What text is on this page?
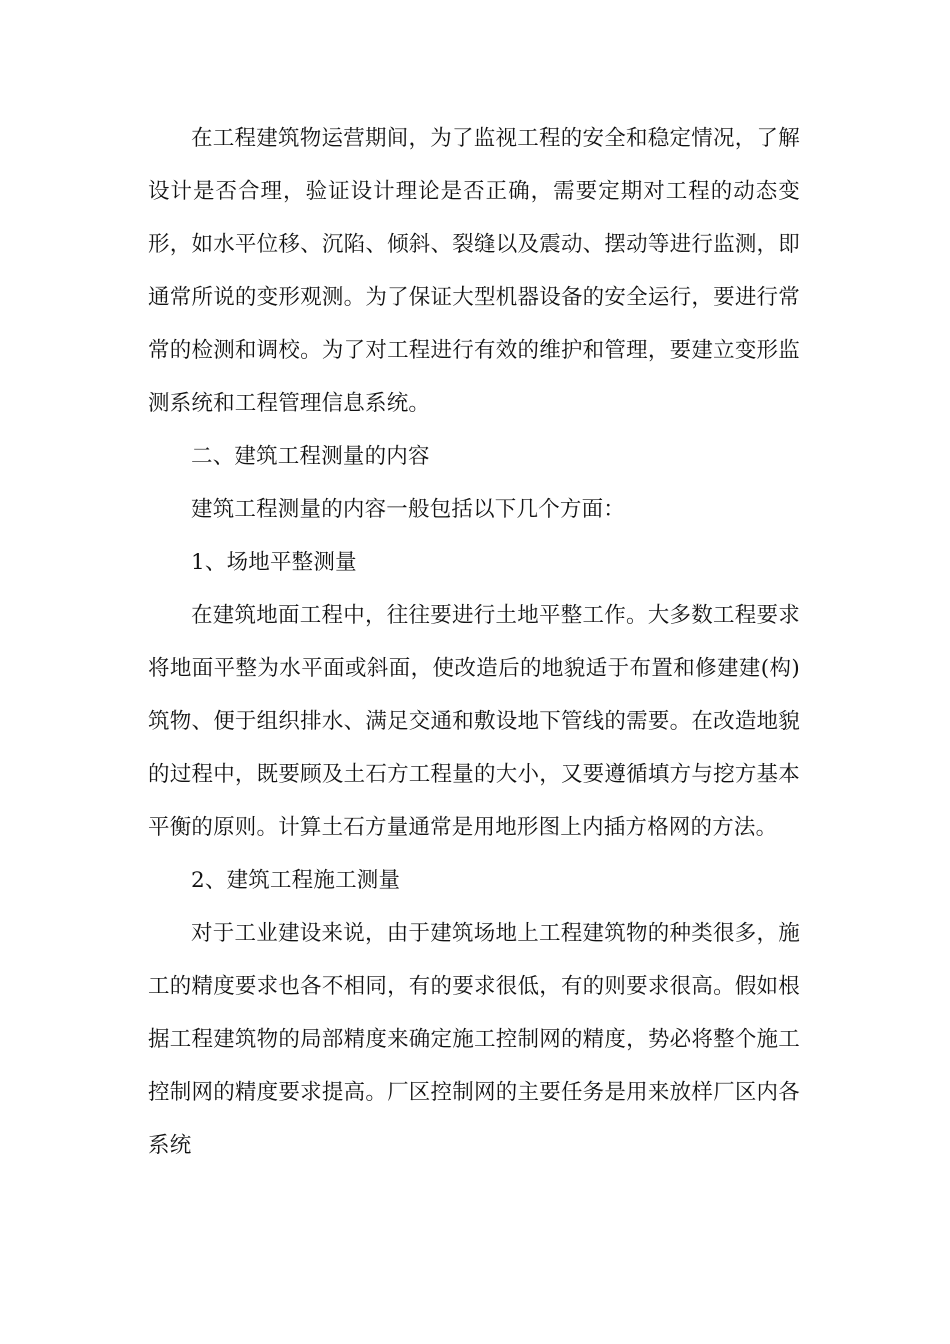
在工程建筑物运营期间，为了监视工程的安全和稳定情况，了解设计是否合理，验证设计理论是否正确，需要定期对工程的动态变形，如水平位移、沉陷、倾斜、裂缝以及震动、摆动等进行监测，即通常所说的变形观测。为了保证大型机器设备的安全运行，要进行常常的检测和调校。为了对工程进行有效的维护和管理，要建立变形监测系统和工程管理信息系统。

二、建筑工程测量的内容

建筑工程测量的内容一般包括以下几个方面：

1、场地平整测量

在建筑地面工程中，往往要进行土地平整工作。大多数工程要求将地面平整为水平面或斜面，使改造后的地貌适于布置和修建建(构)筑物、便于组织排水、满足交通和敷设地下管线的需要。在改造地貌的过程中，既要顾及土石方工程量的大小，又要遵循填方与挖方基本平衡的原则。计算土石方量通常是用地形图上内插方格网的方法。

2、建筑工程施工测量

对于工业建设来说，由于建筑场地上工程建筑物的种类很多，施工的精度要求也各不相同，有的要求很低，有的则要求很高。假如根据工程建筑物的局部精度来确定施工控制网的精度，势必将整个施工控制网的精度要求提高。厂区控制网的主要任务是用来放样厂区内各系统
